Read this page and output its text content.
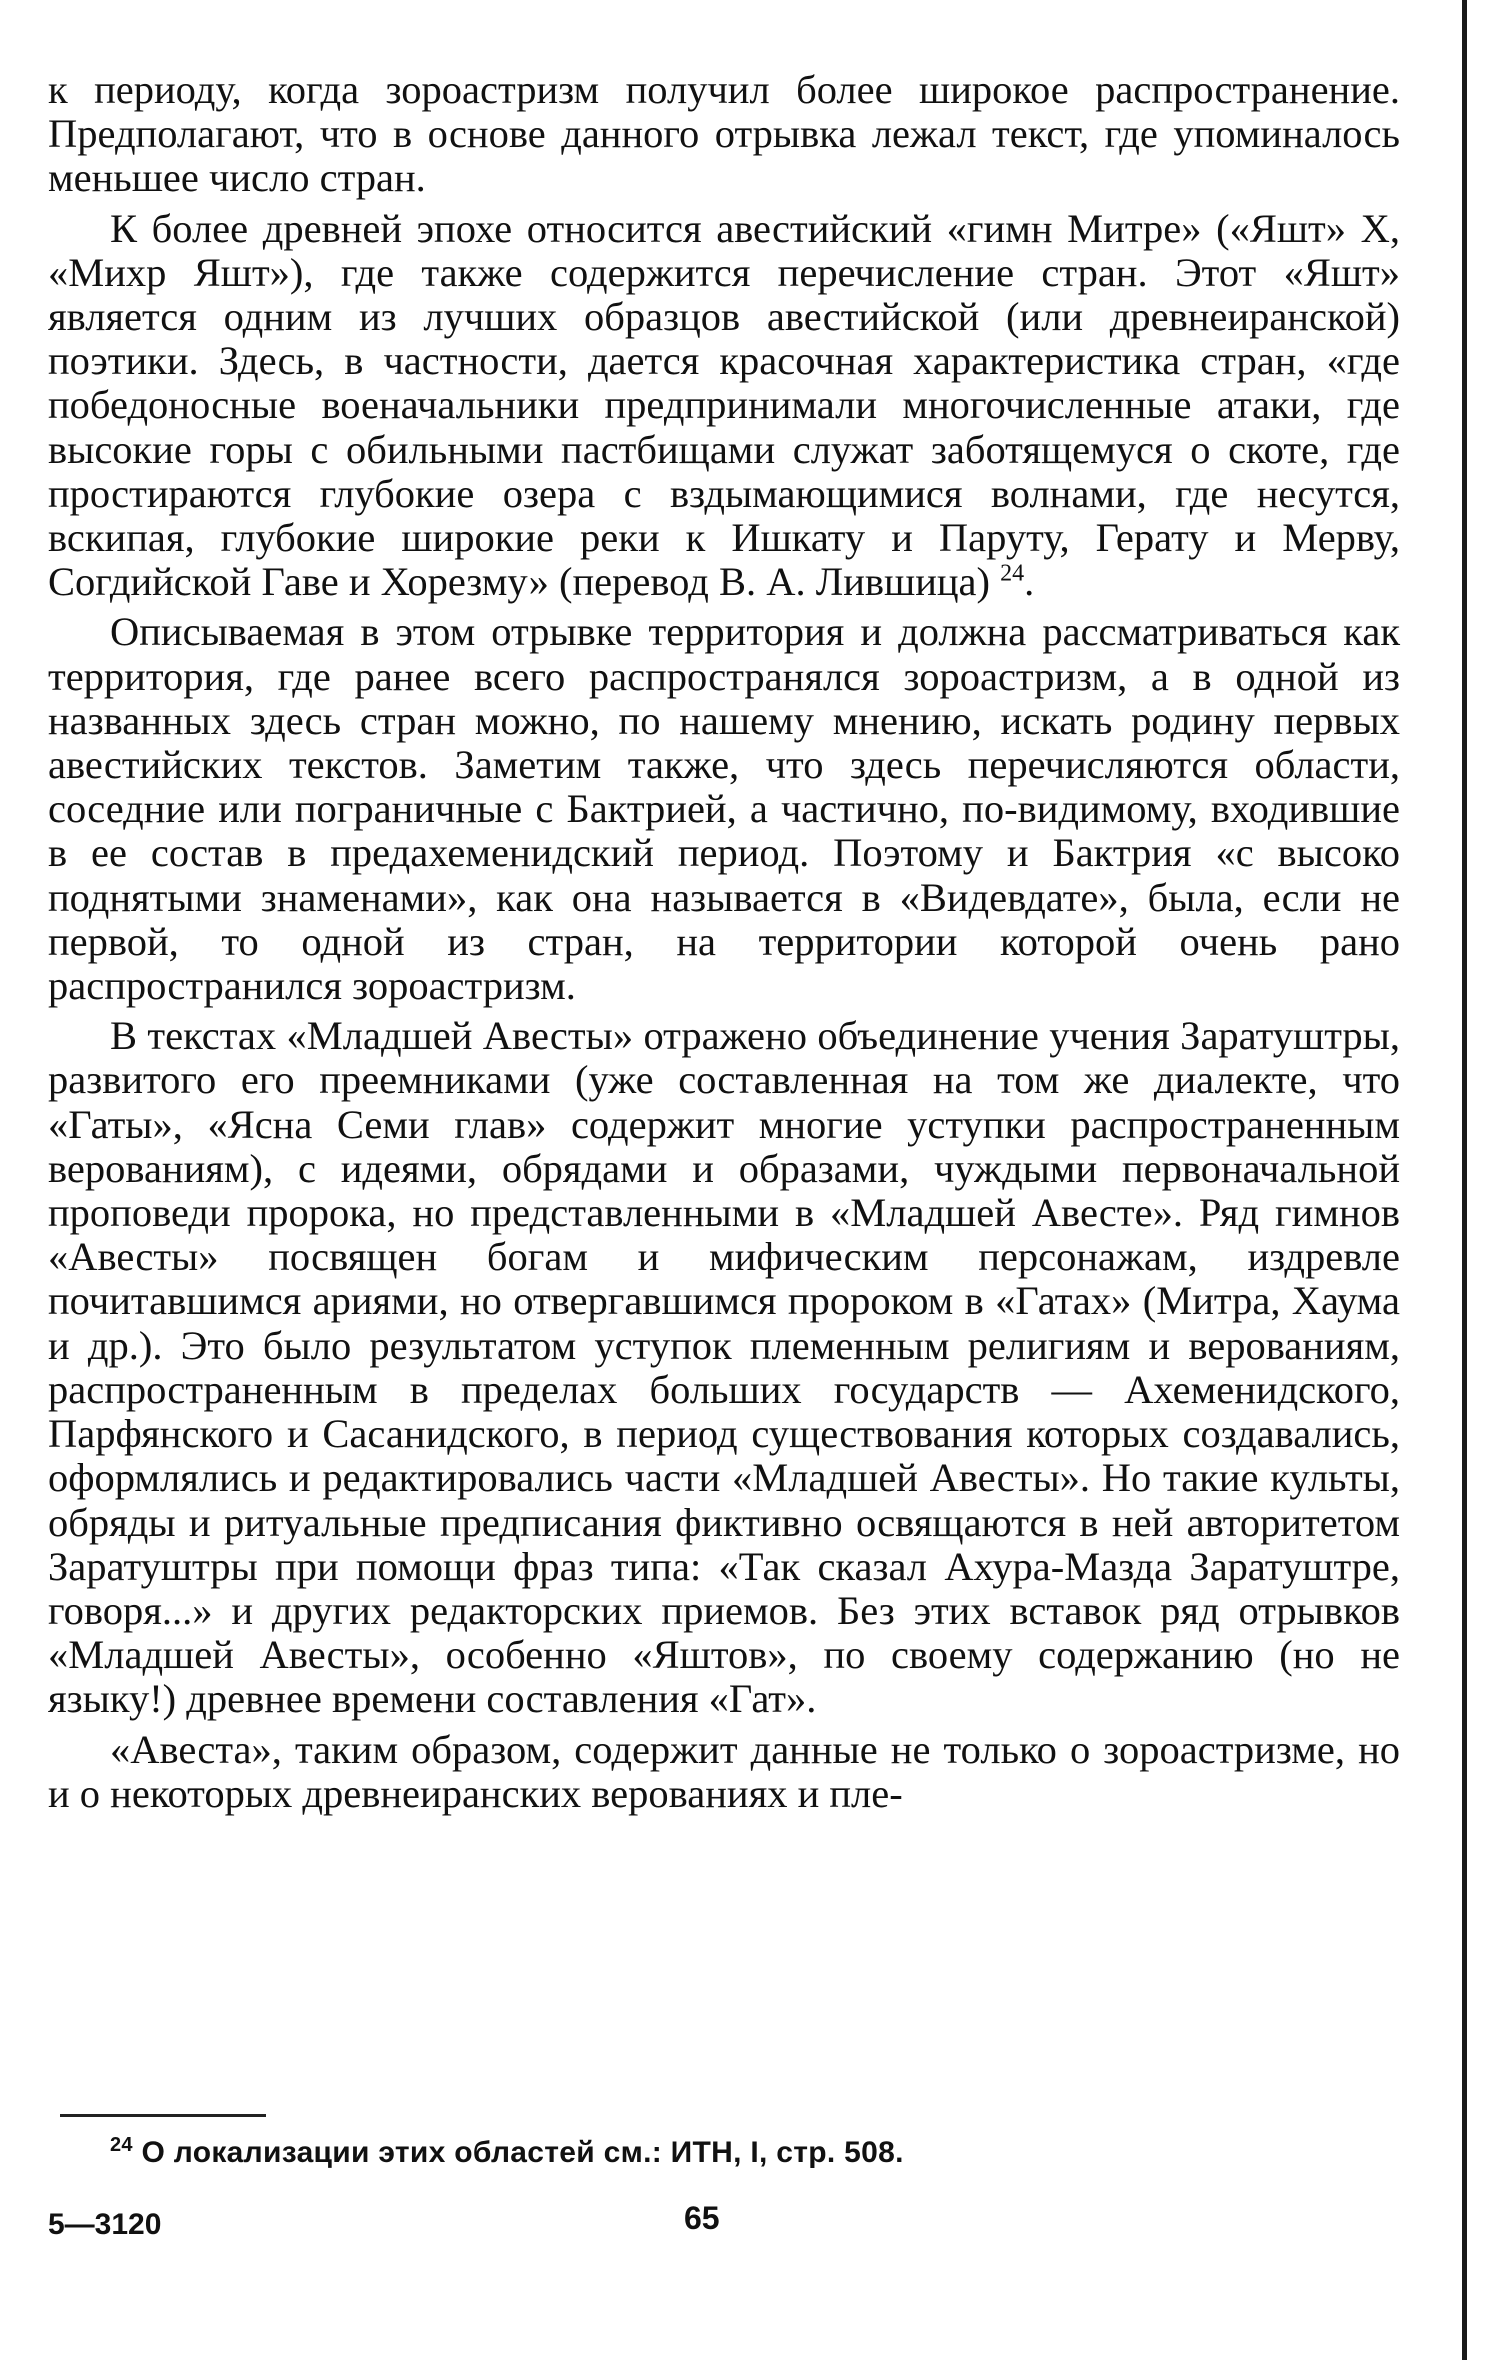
к периоду, когда зороастризм получил более широкое распространение. Предполагают, что в основе данного отрывка лежал текст, где упоминалось меньшее число стран.

К более древней эпохе относится авестийский «гимн Митре» («Яшт» X, «Михр Яшт»), где также содержится перечисление стран. Этот «Яшт» является одним из лучших образцов авестийской (или древнеиранской) поэтики. Здесь, в частности, дается красочная характеристика стран, «где победоносные военачальники предпринимали многочисленные атаки, где высокие горы с обильными пастбищами служат заботящемуся о скоте, где простираются глубокие озера с вздымающимися волнами, где несутся, вскипая, глубокие широкие реки к Ишкату и Паруту, Герату и Мерву, Согдийской Гаве и Хорезму» (перевод В. А. Лившица) $^{24}$.

Описываемая в этом отрывке территория и должна рассматриваться как территория, где ранее всего распространялся зороастризм, а в одной из названных здесь стран можно, по нашему мнению, искать родину первых авестийских текстов. Заметим также, что здесь перечисляются области, соседние или пограничные с Бактрией, а частично, по-видимому, входившие в ее состав в предахеменидский период. Поэтому и Бактрия «с высоко поднятыми знаменами», как она называется в «Видевдате», была, если не первой, то одной из стран, на территории которой очень рано распространился зороастризм.

В текстах «Младшей Авесты» отражено объединение учения Заратуштры, развитого его преемниками (уже составленная на том же диалекте, что «Гаты», «Ясна Семи глав» содержит многие уступки распространенным верованиям), с идеями, обрядами и образами, чуждыми первоначальной проповеди пророка, но представленными в «Младшей Авесте». Ряд гимнов «Авесты» посвящен богам и мифическим персонажам, издревле почитавшимся ариями, но отвергавшимся пророком в «Гатах» (Митра, Хаума и др.). Это было результатом уступок племенным религиям и верованиям, распространенным в пределах больших государств — Ахеменидского, Парфянского и Сасанидского, в период существования которых создавались, оформлялись и редактировались части «Младшей Авесты». Но такие культы, обряды и ритуальные предписания фиктивно освящаются в ней авторитетом Заратуштры при помощи фраз типа: «Так сказал Ахура-Мазда Заратуштре, говоря...» и других редакторских приемов. Без этих вставок ряд отрывков «Младшей Авесты», особенно «Яштов», по своему содержанию (но не языку!) древнее времени составления «Гат».

«Авеста», таким образом, содержит данные не только о зороастризме, но и о некоторых древнеиранских верованиях и пле-

$^{24}$ О локализации этих областей см.: ИТН, I, стр. 508.
5—3120	65
